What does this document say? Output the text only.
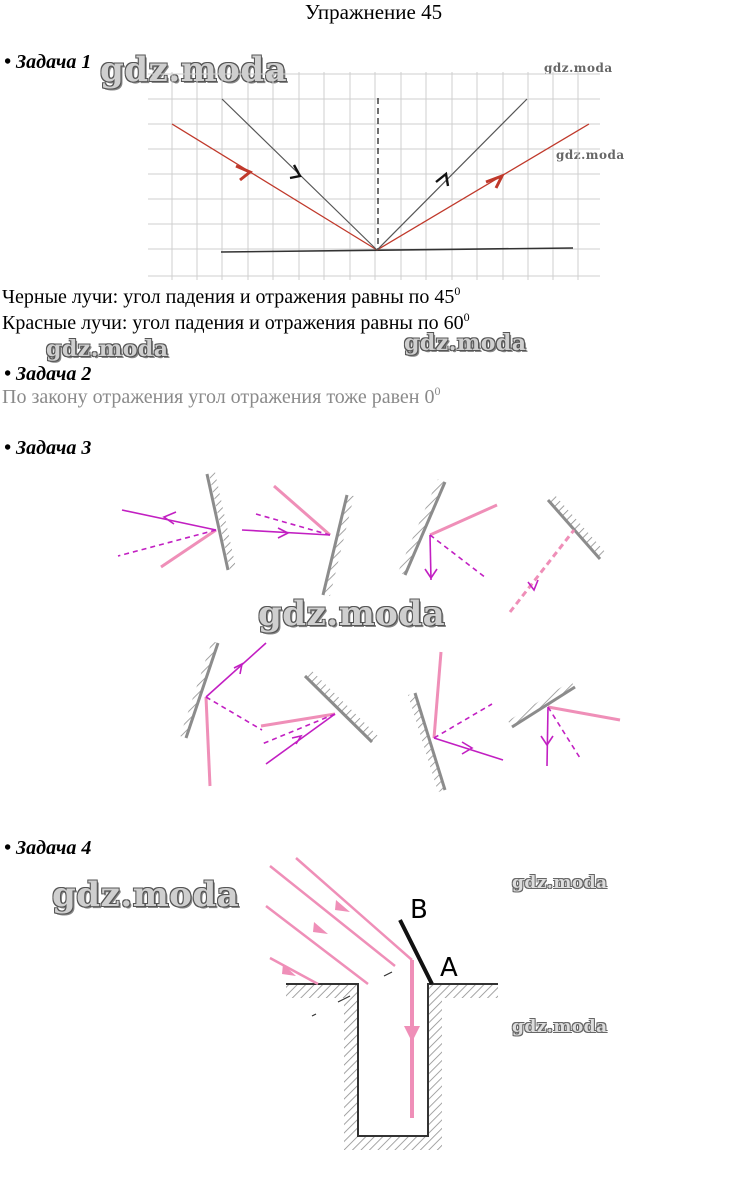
Упражнение 45
• Задача 1 gdz.moda	gdz.moda
gdz.moda
Черные лучи: угол падения и отражения равны по $45^0$
Красные лучи: угол падения и отражения равны по $60^0$
gdz.moda	gdz.moda
• Задача 2
По закону отражения угол отражения тоже равен $0^0$
• Задача 3
gdz.moda
• Задача 4
gdz.moda	gdz.moda
gdz.moda
В
А
